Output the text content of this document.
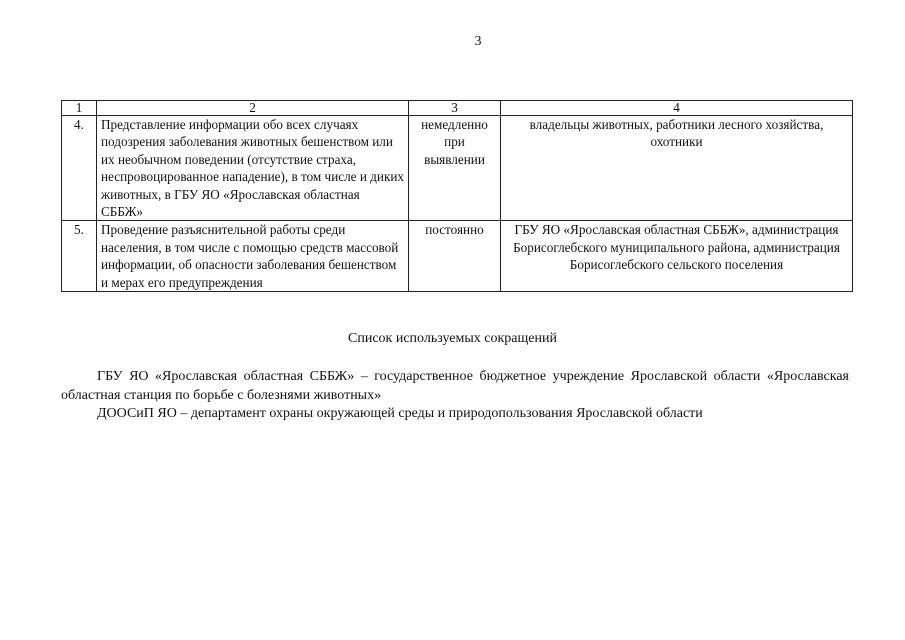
3
1	2	3	4
4.	Представление информации обо всех случаях подозрения заболевания животных бешенством или их необычном поведении (отсутствие страха, неспровоцированное нападение), в том числе и диких животных, в ГБУ ЯО «Ярославская областная СББЖ»	немедленно при выявлении	владельцы животных, работники лесного хозяйства, охотники
5.	Проведение разъяснительной работы среди населения, в том числе с помощью средств массовой информации, об опасности заболевания бешенством и мерах его предупреждения	постоянно	ГБУ ЯО «Ярославская областная СББЖ», администрация Борисоглебского муниципального района, администрация Борисоглебского сельского поселения
Список используемых сокращений
ГБУ ЯО «Ярославская областная СББЖ» – государственное бюджетное учреждение Ярославской области «Ярославская областная станция по борьбе с болезнями животных»
ДООСиП ЯО – департамент охраны окружающей среды и природопользования Ярославской области
